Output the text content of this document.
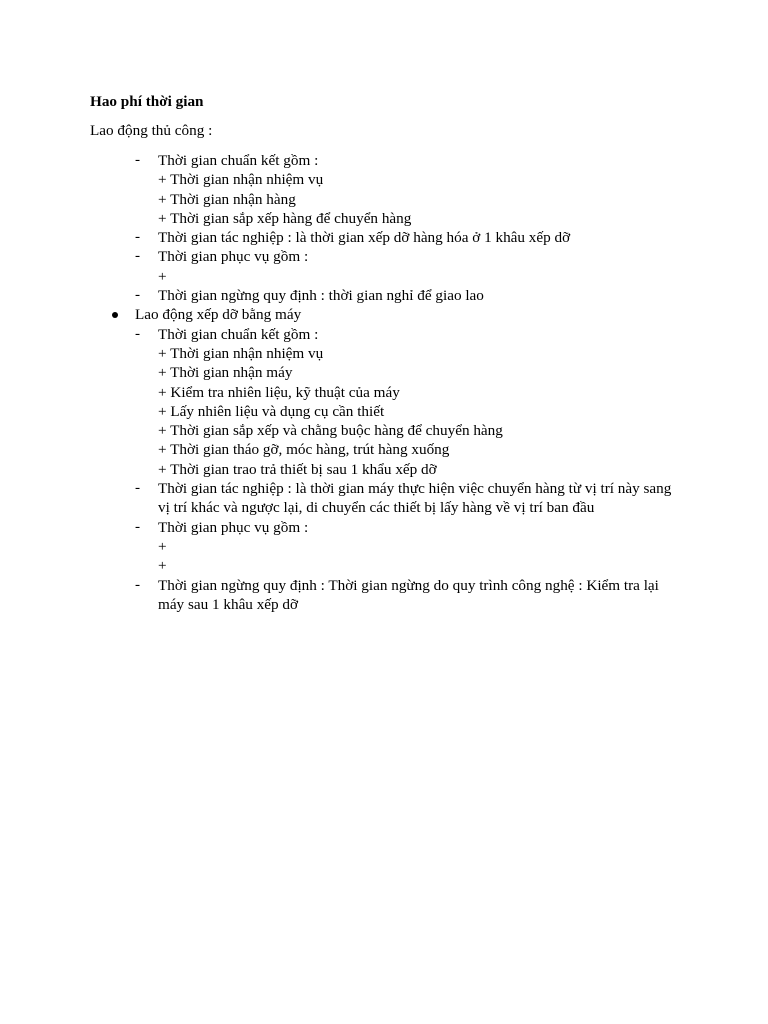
Hao phí thời gian
Lao động thủ công :
- Thời gian chuẩn kết gồm :
+ Thời gian nhận nhiệm vụ
+ Thời gian nhận hàng
+ Thời gian sắp xếp hàng để chuyển hàng
- Thời gian tác nghiệp : là thời gian xếp dỡ hàng hóa ở 1 khâu xếp dỡ
- Thời gian phục vụ gồm :
+
- Thời gian ngừng quy định : thời gian nghỉ để giao lao
Lao động xếp dỡ bằng máy
- Thời gian chuẩn kết gồm :
+ Thời gian nhận nhiệm vụ
+ Thời gian nhận máy
+ Kiểm tra nhiên liệu, kỹ thuật của máy
+ Lấy nhiên liệu và dụng cụ cần thiết
+ Thời gian sắp xếp và chằng buộc hàng để chuyển hàng
+ Thời gian tháo gỡ, móc hàng, trút hàng xuống
+ Thời gian trao trả thiết bị sau 1 khẩu xếp dỡ
- Thời gian tác nghiệp : là thời gian máy thực hiện việc chuyển hàng từ vị trí này sang vị trí khác và ngược lại, di chuyển các thiết bị lấy hàng về vị trí ban đầu
- Thời gian phục vụ gồm :
+
+
- Thời gian ngừng quy định : Thời gian ngừng do quy trình công nghệ : Kiểm tra lại máy sau 1 khâu xếp dỡ
